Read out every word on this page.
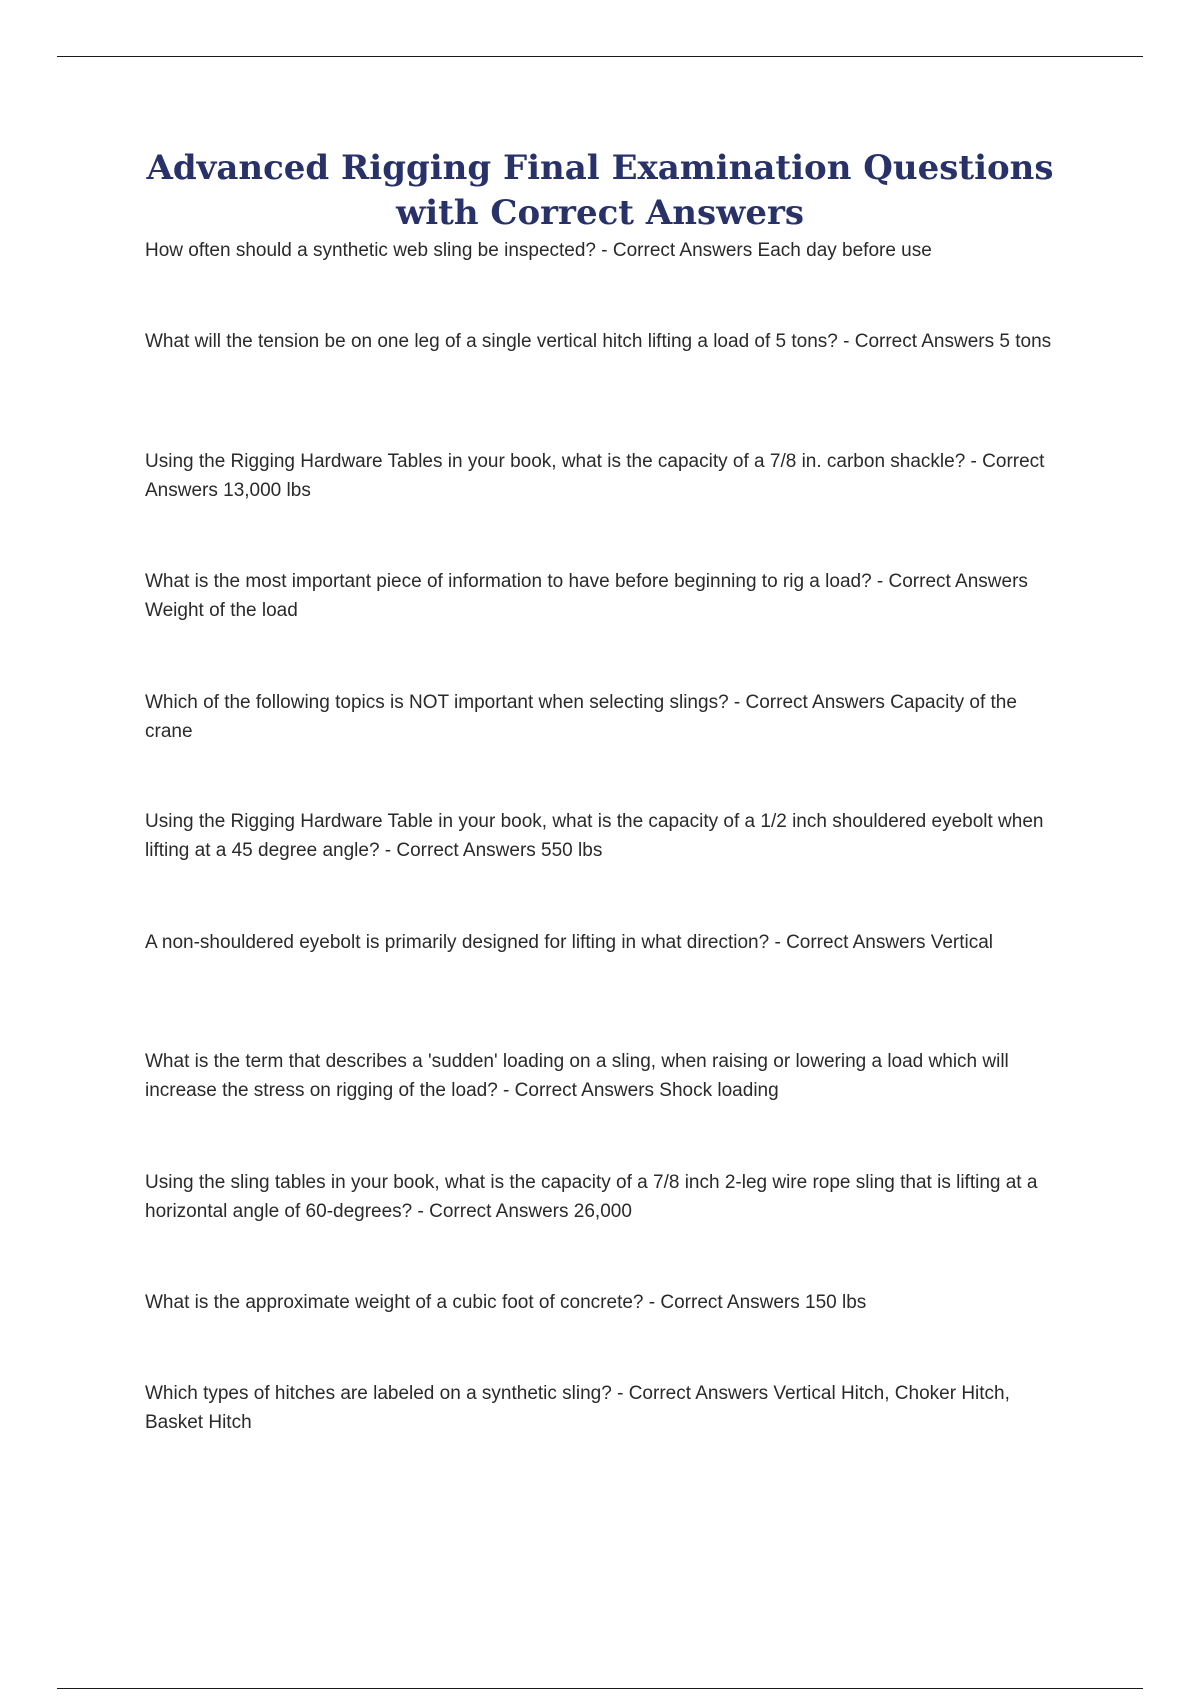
Advanced Rigging Final Examination Questions with Correct Answers

How often should a synthetic web sling be inspected? - Correct Answers Each day before use

What will the tension be on one leg of a single vertical hitch lifting a load of 5 tons? - Correct Answers 5 tons

Using the Rigging Hardware Tables in your book, what is the capacity of a 7/8 in. carbon shackle? - Correct Answers 13,000 lbs

What is the most important piece of information to have before beginning to rig a load? - Correct Answers Weight of the load

Which of the following topics is NOT important when selecting slings? - Correct Answers Capacity of the crane

Using the Rigging Hardware Table in your book, what is the capacity of a 1/2 inch shouldered eyebolt when lifting at a 45 degree angle? - Correct Answers 550 lbs

A non-shouldered eyebolt is primarily designed for lifting in what direction? - Correct Answers Vertical

What is the term that describes a 'sudden' loading on a sling, when raising or lowering a load which will increase the stress on rigging of the load? - Correct Answers Shock loading

Using the sling tables in your book, what is the capacity of a 7/8 inch 2-leg wire rope sling that is lifting at a horizontal angle of 60-degrees? - Correct Answers 26,000

What is the approximate weight of a cubic foot of concrete? - Correct Answers 150 lbs

Which types of hitches are labeled on a synthetic sling? - Correct Answers Vertical Hitch, Choker Hitch, Basket Hitch
